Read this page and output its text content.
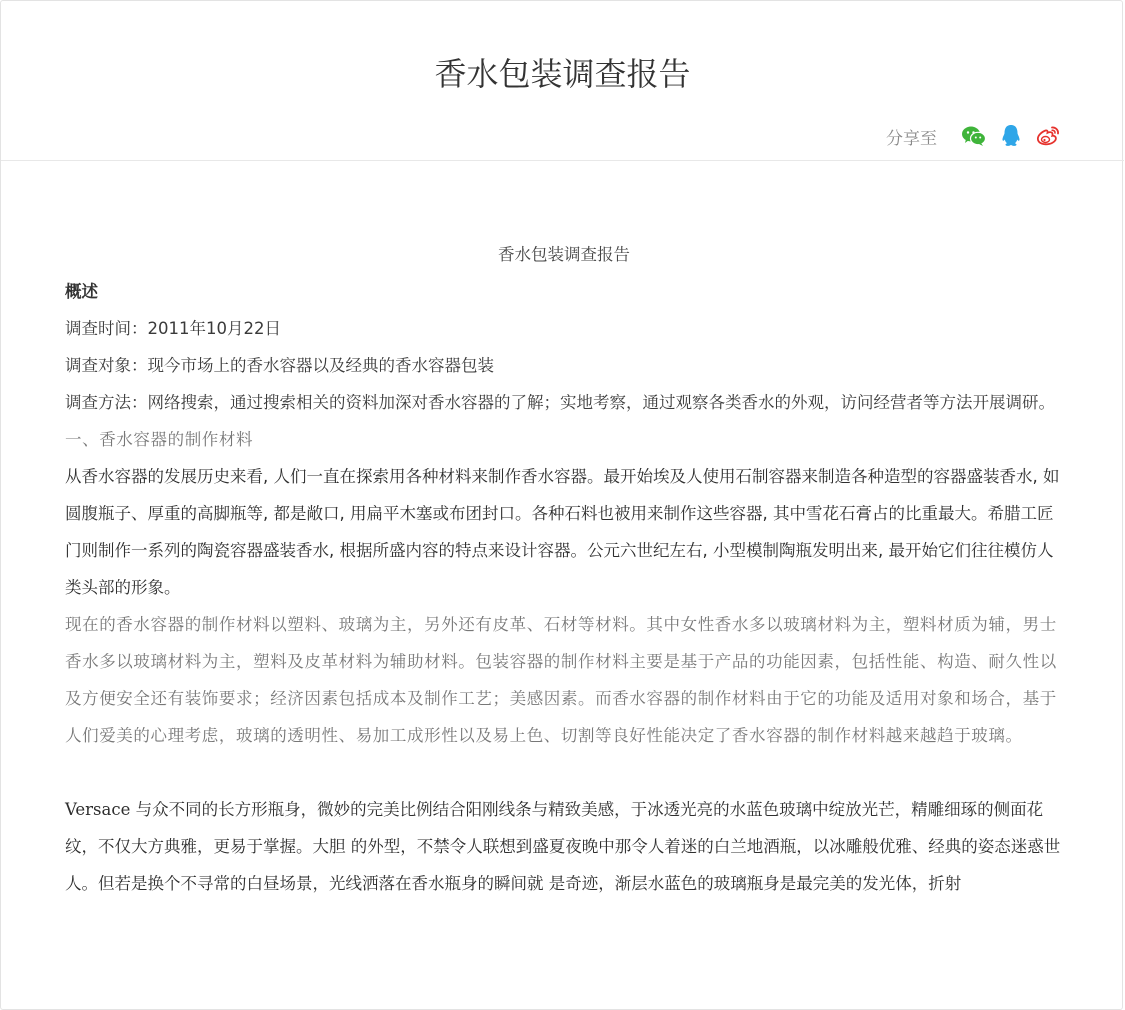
香水包装调查报告
分享至

香水包装调查报告

概述

调查时间：2011年10月22日

调查对象：现今市场上的香水容器以及经典的香水容器包装

调查方法：网络搜索，通过搜索相关的资料加深对香水容器的了解；实地考察，通过观察各类香水的外观，访问经营者等方法开展调研。

一、香水容器的制作材料

从香水容器的发展历史来看, 人们一直在探索用各种材料来制作香水容器。最开始埃及人使用石制容器来制造各种造型的容器盛装香水, 如圆腹瓶子、厚重的高脚瓶等, 都是敞口, 用扁平木塞或布团封口。各种石料也被用来制作这些容器, 其中雪花石膏占的比重最大。希腊工匠门则制作一系列的陶瓷容器盛装香水, 根据所盛内容的特点来设计容器。公元六世纪左右, 小型模制陶瓶发明出来, 最开始它们往往模仿人类头部的形象。

现在的香水容器的制作材料以塑料、玻璃为主，另外还有皮革、石材等材料。其中女性香水多以玻璃材料为主，塑料材质为辅，男士香水多以玻璃材料为主，塑料及皮革材料为辅助材料。包装容器的制作材料主要是基于产品的功能因素，包括性能、构造、耐久性以及方便安全还有装饰要求；经济因素包括成本及制作工艺；美感因素。而香水容器的制作材料由于它的功能及适用对象和场合，基于人们爱美的心理考虑，玻璃的透明性、易加工成形性以及易上色、切割等良好性能决定了香水容器的制作材料越来越趋于玻璃。

Versace 与众不同的长方形瓶身，微妙的完美比例结合阳刚线条与精致美感，于冰透光亮的水蓝色玻璃中绽放光芒，精雕细琢的侧面花纹，不仅大方典雅，更易于掌握。大胆 的外型，不禁令人联想到盛夏夜晚中那令人着迷的白兰地酒瓶，以冰雕般优雅、经典的姿态迷惑世人。但若是换个不寻常的白昼场景，光线洒落在香水瓶身的瞬间就 是奇迹，渐层水蓝色的玻璃瓶身是最完美的发光体，折射
